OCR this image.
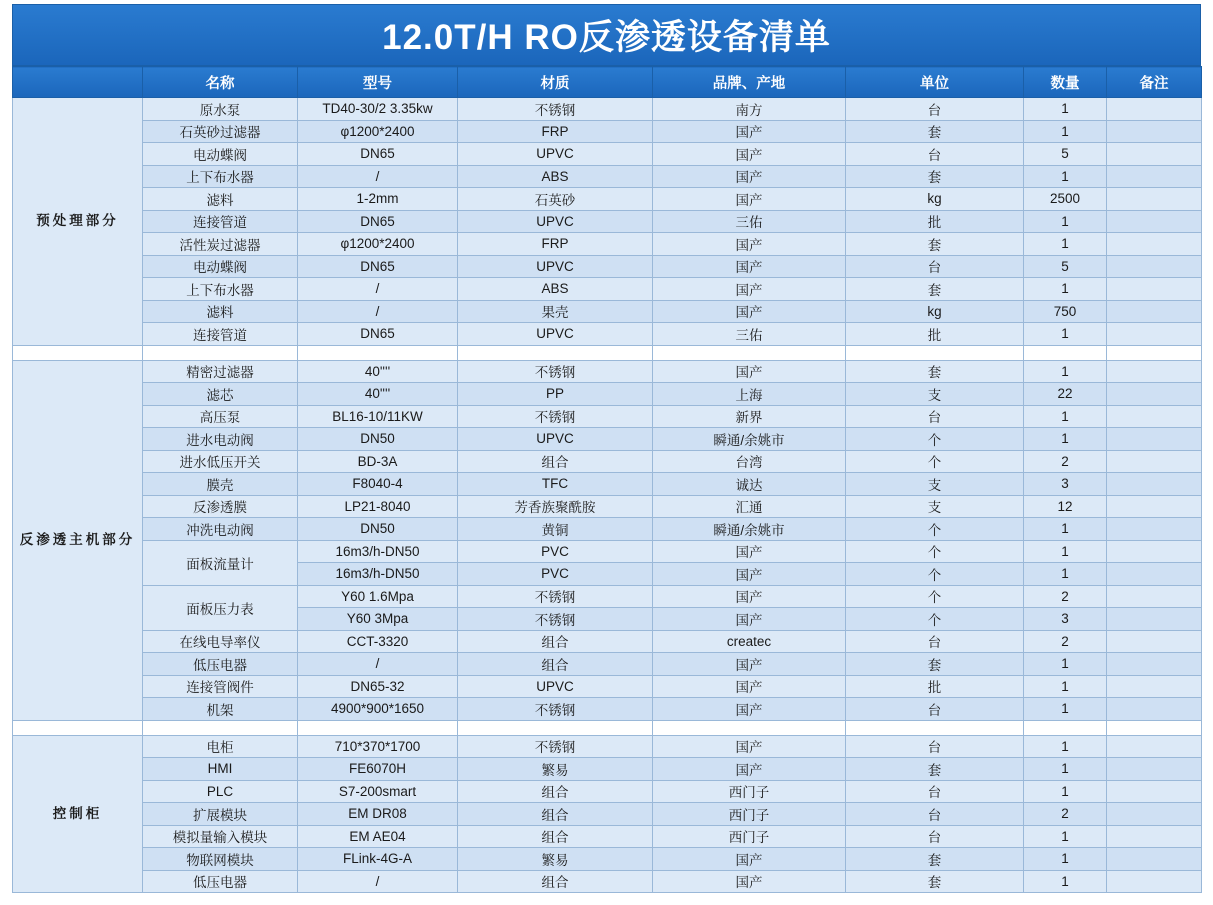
12.0T/H RO反渗透设备清单
	名称	型号	材质	品牌、产地	单位	数量	备注
预处理部分	原水泵	TD40-30/2 3.35kw	不锈钢	南方	台	1	
	石英砂过滤器	φ1200*2400	FRP	国产	套	1	
	电动蝶阀	DN65	UPVC	国产	台	5	
	上下布水器	/	ABS	国产	套	1	
	滤料	1-2mm	石英砂	国产	kg	2500	
	连接管道	DN65	UPVC	三佑	批	1	
	活性炭过滤器	φ1200*2400	FRP	国产	套	1	
	电动蝶阀	DN65	UPVC	国产	台	5	
	上下布水器	/	ABS	国产	套	1	
	滤料	/	果壳	国产	kg	750	
	连接管道	DN65	UPVC	三佑	批	1	

反渗透主机部分	精密过滤器	40''''	不锈钢	国产	套	1	
	滤芯	40''''	PP	上海	支	22	
	高压泵	BL16-10/11KW	不锈钢	新界	台	1	
	进水电动阀	DN50	UPVC	瞬通/余姚市	个	1	
	进水低压开关	BD-3A	组合	台湾	个	2	
	膜壳	F8040-4	TFC	诚达	支	3	
	反渗透膜	LP21-8040	芳香族聚酰胺	汇通	支	12	
	冲洗电动阀	DN50	黄铜	瞬通/余姚市	个	1	
	面板流量计	16m3/h-DN50	PVC	国产	个	1	
		16m3/h-DN50	PVC	国产	个	1	
	面板压力表	Y60 1.6Mpa	不锈钢	国产	个	2	
		Y60 3Mpa	不锈钢	国产	个	3	
	在线电导率仪	CCT-3320	组合	createc	台	2	
	低压电器	/	组合	国产	套	1	
	连接管阀件	DN65-32	UPVC	国产	批	1	
	机架	4900*900*1650	不锈钢	国产	台	1	

控制柜	电柜	710*370*1700	不锈钢	国产	台	1	
	HMI	FE6070H	繁易	国产	套	1	
	PLC	S7-200smart	组合	西门子	台	1	
	扩展模块	EM DR08	组合	西门子	台	2	
	模拟量输入模块	EM AE04	组合	西门子	台	1	
	物联网模块	FLink-4G-A	繁易	国产	套	1	
	低压电器	/	组合	国产	套	1	
